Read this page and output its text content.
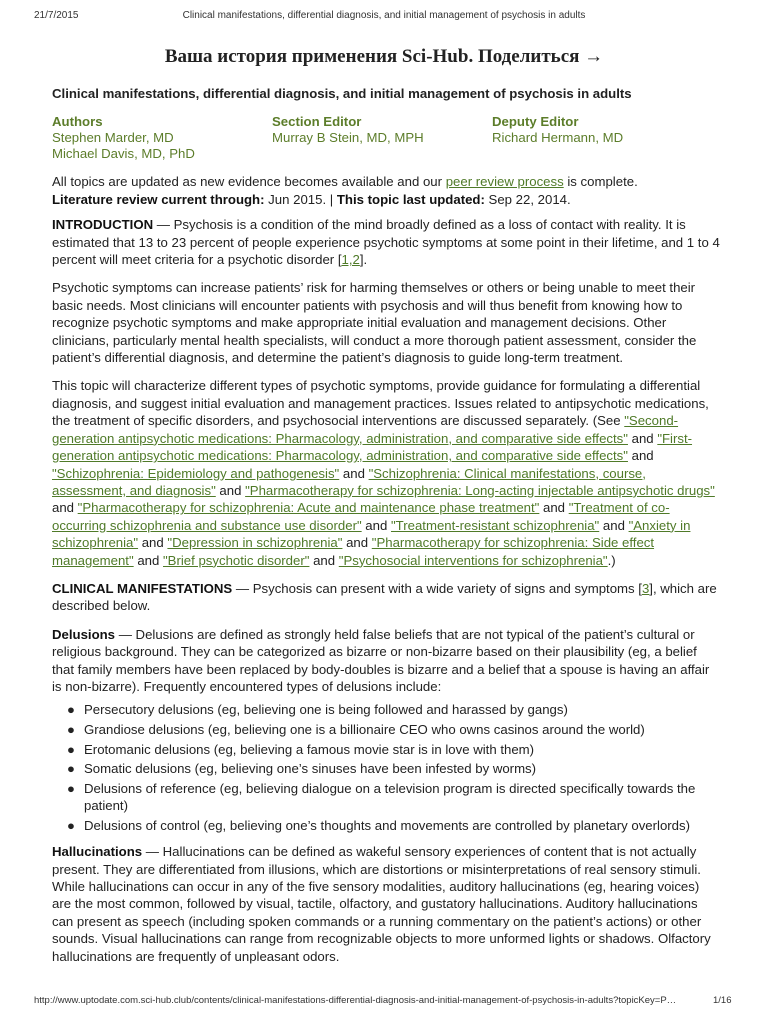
21/7/2015	Clinical manifestations, differential diagnosis, and initial management of psychosis in adults
Ваша история применения Sci-Hub. Поделиться →
Clinical manifestations, differential diagnosis, and initial management of psychosis in adults
Authors
Stephen Marder, MD
Michael Davis, MD, PhD
Section Editor
Murray B Stein, MD, MPH
Deputy Editor
Richard Hermann, MD

All topics are updated as new evidence becomes available and our peer review process is complete.

Literature review current through: Jun 2015. | This topic last updated: Sep 22, 2014.

INTRODUCTION — Psychosis is a condition of the mind broadly defined as a loss of contact with reality. It is estimated that 13 to 23 percent of people experience psychotic symptoms at some point in their lifetime, and 1 to 4 percent will meet criteria for a psychotic disorder [1,2].

Psychotic symptoms can increase patients’ risk for harming themselves or others or being unable to meet their basic needs. Most clinicians will encounter patients with psychosis and will thus benefit from knowing how to recognize psychotic symptoms and make appropriate initial evaluation and management decisions. Other clinicians, particularly mental health specialists, will conduct a more thorough patient assessment, consider the patient’s differential diagnosis, and determine the patient’s diagnosis to guide long-term treatment.

This topic will characterize different types of psychotic symptoms, provide guidance for formulating a differential diagnosis, and suggest initial evaluation and management practices. Issues related to antipsychotic medications, the treatment of specific disorders, and psychosocial interventions are discussed separately. (See "Second-generation antipsychotic medications: Pharmacology, administration, and comparative side effects" and "First-generation antipsychotic medications: Pharmacology, administration, and comparative side effects" and "Schizophrenia: Epidemiology and pathogenesis" and "Schizophrenia: Clinical manifestations, course, assessment, and diagnosis" and "Pharmacotherapy for schizophrenia: Long-acting injectable antipsychotic drugs" and "Pharmacotherapy for schizophrenia: Acute and maintenance phase treatment" and "Treatment of co-occurring schizophrenia and substance use disorder" and "Treatment-resistant schizophrenia" and "Anxiety in schizophrenia" and "Depression in schizophrenia" and "Pharmacotherapy for schizophrenia: Side effect management" and "Brief psychotic disorder" and "Psychosocial interventions for schizophrenia".)

CLINICAL MANIFESTATIONS — Psychosis can present with a wide variety of signs and symptoms [3], which are described below.

Delusions — Delusions are defined as strongly held false beliefs that are not typical of the patient’s cultural or religious background. They can be categorized as bizarre or non-bizarre based on their plausibility (eg, a belief that family members have been replaced by body-doubles is bizarre and a belief that a spouse is having an affair is non-bizarre). Frequently encountered types of delusions include:

● Persecutory delusions (eg, believing one is being followed and harassed by gangs)
● Grandiose delusions (eg, believing one is a billionaire CEO who owns casinos around the world)
● Erotomanic delusions (eg, believing a famous movie star is in love with them)
● Somatic delusions (eg, believing one’s sinuses have been infested by worms)
● Delusions of reference (eg, believing dialogue on a television program is directed specifically towards the patient)
● Delusions of control (eg, believing one’s thoughts and movements are controlled by planetary overlords)

Hallucinations — Hallucinations can be defined as wakeful sensory experiences of content that is not actually present. They are differentiated from illusions, which are distortions or misinterpretations of real sensory stimuli. While hallucinations can occur in any of the five sensory modalities, auditory hallucinations (eg, hearing voices) are the most common, followed by visual, tactile, olfactory, and gustatory hallucinations. Auditory hallucinations can present as speech (including spoken commands or a running commentary on the patient’s actions) or other sounds. Visual hallucinations can range from recognizable objects to more unformed lights or shadows. Olfactory hallucinations are frequently of unpleasant odors.

http://www.uptodate.com.sci-hub.club/contents/clinical-manifestations-differential-diagnosis-and-initial-management-of-psychosis-in-adults?topicKey=P…	1/16
